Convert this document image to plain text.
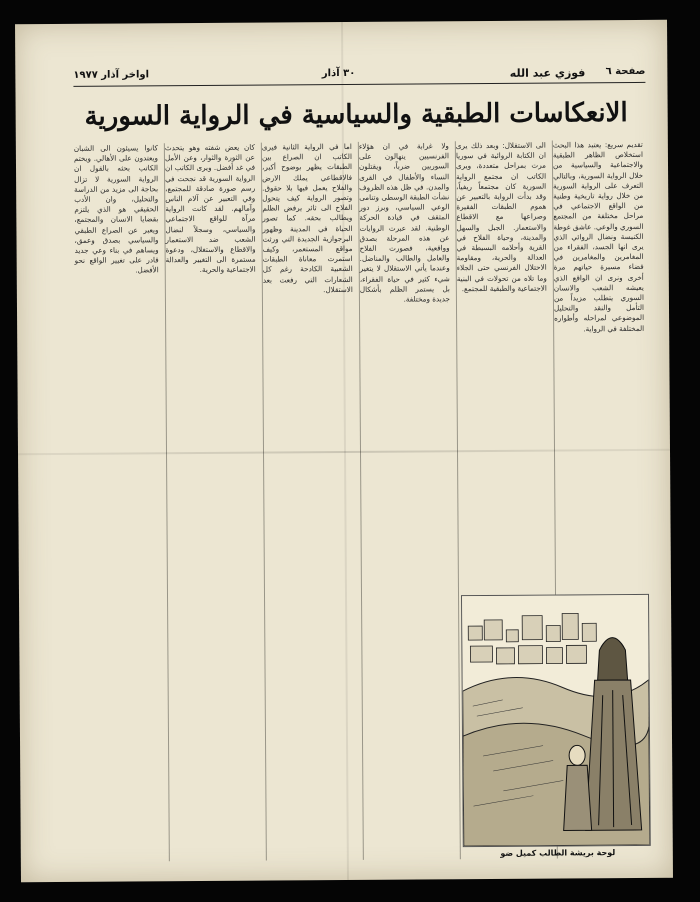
صفحة ٦
فوزي عبد الله
٣٠ آذار
اواخر آذار ١٩٧٧
الانعكاسات الطبقية والسياسية في الرواية السورية
تقديم سريع: يعتبد هذا البحث استخلاص الظاهر الطبقية والاجتماعية والسياسية من خلال الرواية السورية، وبالتالي التعرف على الرواية السورية من خلال رواية تاريخية وطنية من الواقع الاجتماعي في مراحل مختلفة من المجتمع السوري والوعي. عاشق غوطة الكنيسة ونضال الروائي الذي يرى انها الجسد، الفقراء من المغامرين والمغامرين في فضاء مسيرة حياتهم مرة أخرى ونرى ان الواقع الذي يعيشه الشعب والانسان السوري يتطلب مزيداً من التأمل والنقد والتحليل الموضوعي لمراحله وأطواره المختلفة في الرواية.
الى الاستقلال: وبعد ذلك يرى ان الكتابة الروائية في سوريا مرت بمراحل متعددة، ويرى الكاتب ان مجتمع الرواية السورية كان مجتمعاً ريفياً، وقد بدأت الرواية بالتعبير عن هموم الطبقات الفقيرة وصراعها مع الاقطاع والاستعمار. الجبل والسهل والمدينة، وحياة الفلاح في القرية وأحلامه البسيطة في العدالة والحرية، ومقاومة الاحتلال الفرنسي حتى الجلاء وما تلاه من تحولات في البنية الاجتماعية والطبقية للمجتمع.
ولا غرابة في ان هؤلاء الفرنسيين ينهالون على السوريين ضرباً، ويقتلون النساء والأطفال في القرى والمدن. في ظل هذه الظروف نشأت الطبقة الوسطى وتنامى الوعي السياسي، وبرز دور المثقف في قيادة الحركة الوطنية. لقد عبرت الروايات عن هذه المرحلة بصدق وواقعية، فصورت الفلاح والعامل والطالب والمناضل. وعندما يأتي الاستقلال لا يتغير شيء كثير في حياة الفقراء، بل يستمر الظلم بأشكال جديدة ومختلفة.
اما في الرواية الثانية فيرى الكاتب ان الصراع بين الطبقات يظهر بوضوح أكبر، فالاقطاعي يملك الارض والفلاح يعمل فيها بلا حقوق. وتصور الرواية كيف يتحول الفلاح الى ثائر يرفض الظلم ويطالب بحقه. كما تصور الحياة في المدينة وظهور البرجوازية الجديدة التي ورثت مواقع المستعمر، وكيف استمرت معاناة الطبقات الشعبية الكادحة رغم كل الشعارات التي رفعت بعد الاستقلال.
كان يعض شفته وهو يتحدث عن الثورة والثوار، وعن الأمل في غد أفضل. ويرى الكاتب ان الرواية السورية قد نجحت في رسم صورة صادقة للمجتمع، وفي التعبير عن آلام الناس وآمالهم. لقد كانت الرواية مرآة للواقع الاجتماعي والسياسي، وسجلاً لنضال الشعب ضد الاستعمار والاقطاع والاستغلال، ودعوة مستمرة الى التغيير والعدالة الاجتماعية والحرية.
كانوا يسيئون الى الشبان ويعتدون على الأهالي. ويختم الكاتب بحثه بالقول ان الرواية السورية لا تزال بحاجة الى مزيد من الدراسة والتحليل، وان الأدب الحقيقي هو الذي يلتزم بقضايا الانسان والمجتمع، ويعبر عن الصراع الطبقي والسياسي بصدق وعمق، ويساهم في بناء وعي جديد قادر على تغيير الواقع نحو الأفضل.
لوحة بريشة الطالب كميل ضو
